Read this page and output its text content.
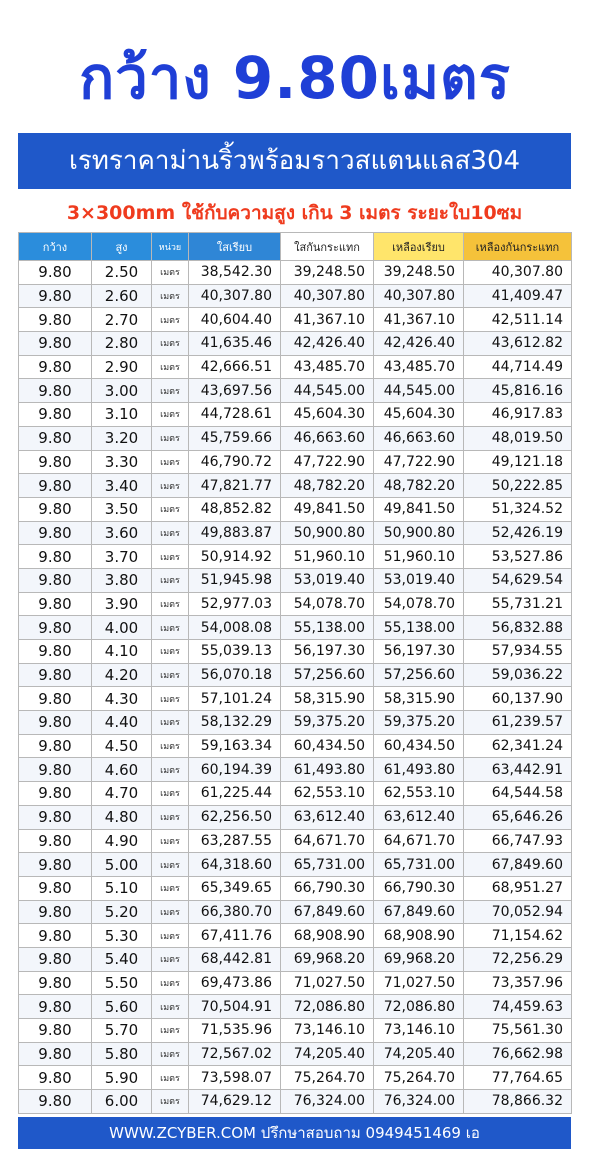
กว้าง 9.80เมตร
เรทราคาม่านริ้วพร้อมราวสแตนแลส304
3×300mm ใช้กับความสูง เกิน 3 เมตร ระยะใบ10ซม
กว้าง	สูง	หน่วย	ใสเรียบ	ใสกันกระแทก	เหลืองเรียบ	เหลืองกันกระแทก
9.80	2.50	เมตร	38,542.30	39,248.50	39,248.50	40,307.80
9.80	2.60	เมตร	40,307.80	40,307.80	40,307.80	41,409.47
9.80	2.70	เมตร	40,604.40	41,367.10	41,367.10	42,511.14
9.80	2.80	เมตร	41,635.46	42,426.40	42,426.40	43,612.82
9.80	2.90	เมตร	42,666.51	43,485.70	43,485.70	44,714.49
9.80	3.00	เมตร	43,697.56	44,545.00	44,545.00	45,816.16
9.80	3.10	เมตร	44,728.61	45,604.30	45,604.30	46,917.83
9.80	3.20	เมตร	45,759.66	46,663.60	46,663.60	48,019.50
9.80	3.30	เมตร	46,790.72	47,722.90	47,722.90	49,121.18
9.80	3.40	เมตร	47,821.77	48,782.20	48,782.20	50,222.85
9.80	3.50	เมตร	48,852.82	49,841.50	49,841.50	51,324.52
9.80	3.60	เมตร	49,883.87	50,900.80	50,900.80	52,426.19
9.80	3.70	เมตร	50,914.92	51,960.10	51,960.10	53,527.86
9.80	3.80	เมตร	51,945.98	53,019.40	53,019.40	54,629.54
9.80	3.90	เมตร	52,977.03	54,078.70	54,078.70	55,731.21
9.80	4.00	เมตร	54,008.08	55,138.00	55,138.00	56,832.88
9.80	4.10	เมตร	55,039.13	56,197.30	56,197.30	57,934.55
9.80	4.20	เมตร	56,070.18	57,256.60	57,256.60	59,036.22
9.80	4.30	เมตร	57,101.24	58,315.90	58,315.90	60,137.90
9.80	4.40	เมตร	58,132.29	59,375.20	59,375.20	61,239.57
9.80	4.50	เมตร	59,163.34	60,434.50	60,434.50	62,341.24
9.80	4.60	เมตร	60,194.39	61,493.80	61,493.80	63,442.91
9.80	4.70	เมตร	61,225.44	62,553.10	62,553.10	64,544.58
9.80	4.80	เมตร	62,256.50	63,612.40	63,612.40	65,646.26
9.80	4.90	เมตร	63,287.55	64,671.70	64,671.70	66,747.93
9.80	5.00	เมตร	64,318.60	65,731.00	65,731.00	67,849.60
9.80	5.10	เมตร	65,349.65	66,790.30	66,790.30	68,951.27
9.80	5.20	เมตร	66,380.70	67,849.60	67,849.60	70,052.94
9.80	5.30	เมตร	67,411.76	68,908.90	68,908.90	71,154.62
9.80	5.40	เมตร	68,442.81	69,968.20	69,968.20	72,256.29
9.80	5.50	เมตร	69,473.86	71,027.50	71,027.50	73,357.96
9.80	5.60	เมตร	70,504.91	72,086.80	72,086.80	74,459.63
9.80	5.70	เมตร	71,535.96	73,146.10	73,146.10	75,561.30
9.80	5.80	เมตร	72,567.02	74,205.40	74,205.40	76,662.98
9.80	5.90	เมตร	73,598.07	75,264.70	75,264.70	77,764.65
9.80	6.00	เมตร	74,629.12	76,324.00	76,324.00	78,866.32
WWW.ZCYBER.COM ปรึกษาสอบถาม 0949451469 เอ
